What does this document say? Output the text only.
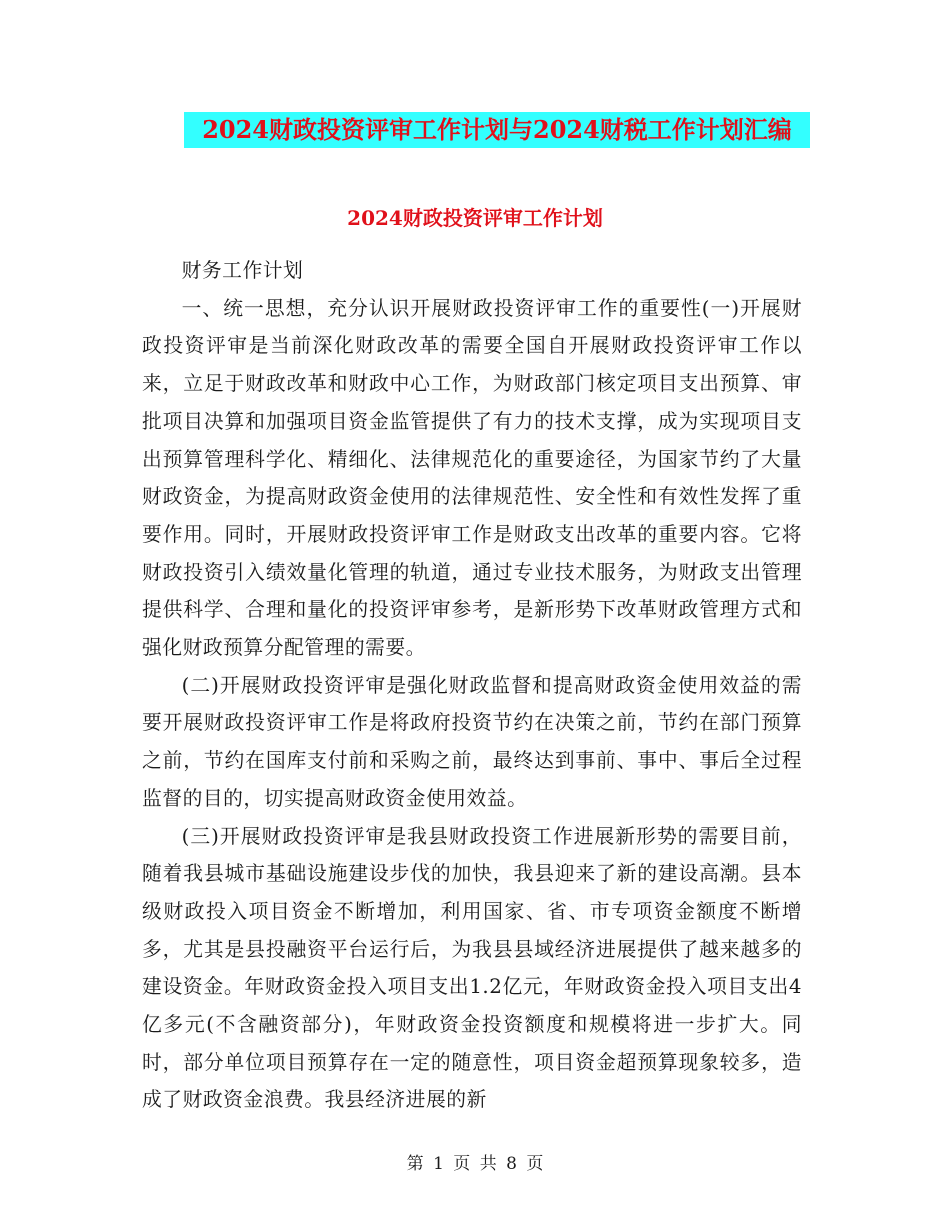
2024财政投资评审工作计划与2024财税工作计划汇编
2024财政投资评审工作计划

财务工作计划

一、统一思想，充分认识开展财政投资评审工作的重要性(一)开展财政投资评审是当前深化财政改革的需要全国自开展财政投资评审工作以来，立足于财政改革和财政中心工作，为财政部门核定项目支出预算、审批项目决算和加强项目资金监管提供了有力的技术支撑，成为实现项目支出预算管理科学化、精细化、法律规范化的重要途径，为国家节约了大量财政资金，为提高财政资金使用的法律规范性、安全性和有效性发挥了重要作用。同时，开展财政投资评审工作是财政支出改革的重要内容。它将财政投资引入绩效量化管理的轨道，通过专业技术服务，为财政支出管理提供科学、合理和量化的投资评审参考，是新形势下改革财政管理方式和强化财政预算分配管理的需要。

(二)开展财政投资评审是强化财政监督和提高财政资金使用效益的需要开展财政投资评审工作是将政府投资节约在决策之前，节约在部门预算之前，节约在国库支付前和采购之前，最终达到事前、事中、事后全过程监督的目的，切实提高财政资金使用效益。

(三)开展财政投资评审是我县财政投资工作进展新形势的需要目前，随着我县城市基础设施建设步伐的加快，我县迎来了新的建设高潮。县本级财政投入项目资金不断增加，利用国家、省、市专项资金额度不断增多，尤其是县投融资平台运行后，为我县县域经济进展提供了越来越多的建设资金。年财政资金投入项目支出1.2亿元，年财政资金投入项目支出4亿多元(不含融资部分)，年财政资金投资额度和规模将进一步扩大。同时，部分单位项目预算存在一定的随意性，项目资金超预算现象较多，造成了财政资金浪费。我县经济进展的新

第 1 页 共 8 页
